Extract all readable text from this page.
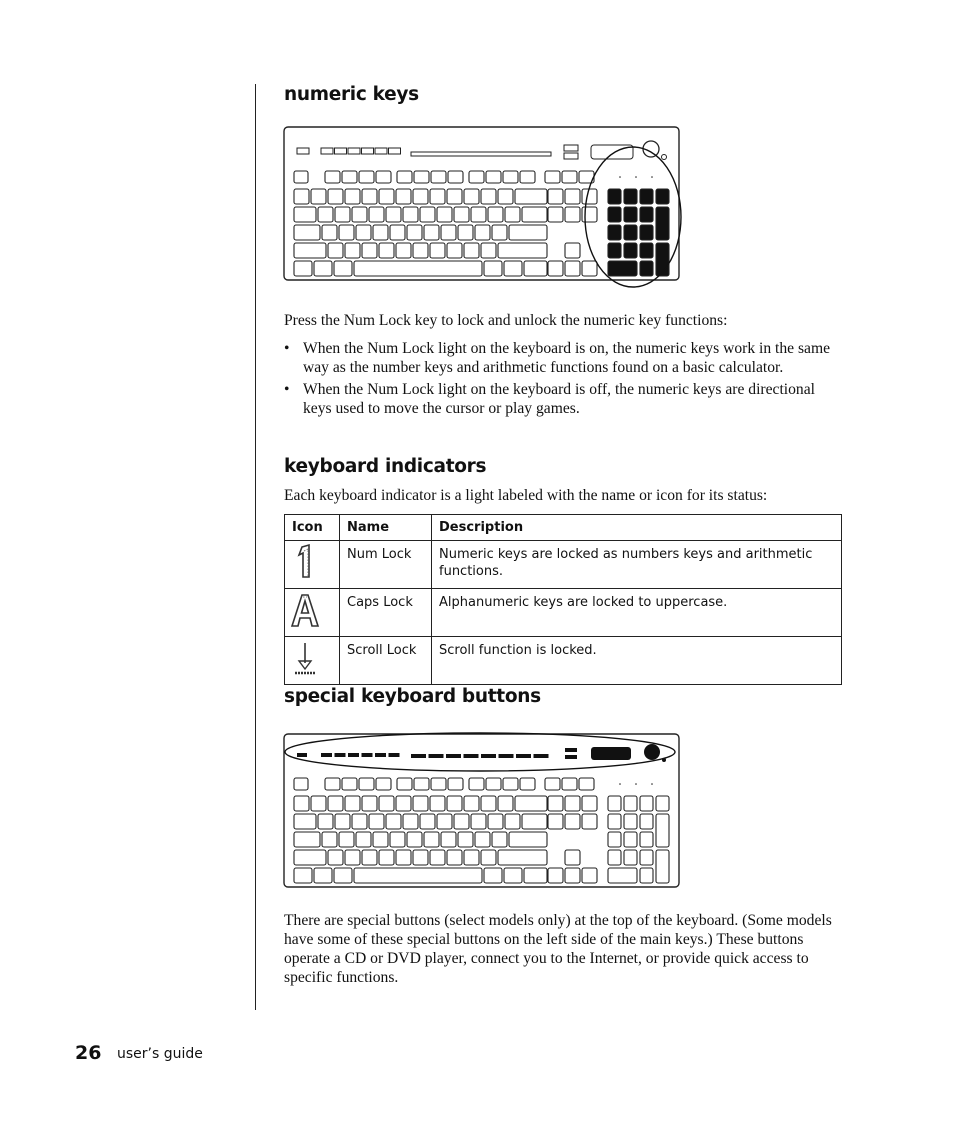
numeric keys
Press the Num Lock key to lock and unlock the numeric key functions:
• When the Num Lock light on the keyboard is on, the numeric keys work in the same way as the number keys and arithmetic functions found on a basic calculator.
• When the Num Lock light on the keyboard is off, the numeric keys are directional keys used to move the cursor or play games.
keyboard indicators
Each keyboard indicator is a light labeled with the name or icon for its status:
Icon	Name	Description
	Num Lock	Numeric keys are locked as numbers keys and arithmetic functions.
	Caps Lock	Alphanumeric keys are locked to uppercase.
	Scroll Lock	Scroll function is locked.
special keyboard buttons
There are special buttons (select models only) at the top of the keyboard. (Some models have some of these special buttons on the left side of the main keys.) These buttons operate a CD or DVD player, connect you to the Internet, or provide quick access to specific functions.
26 user’s guide
